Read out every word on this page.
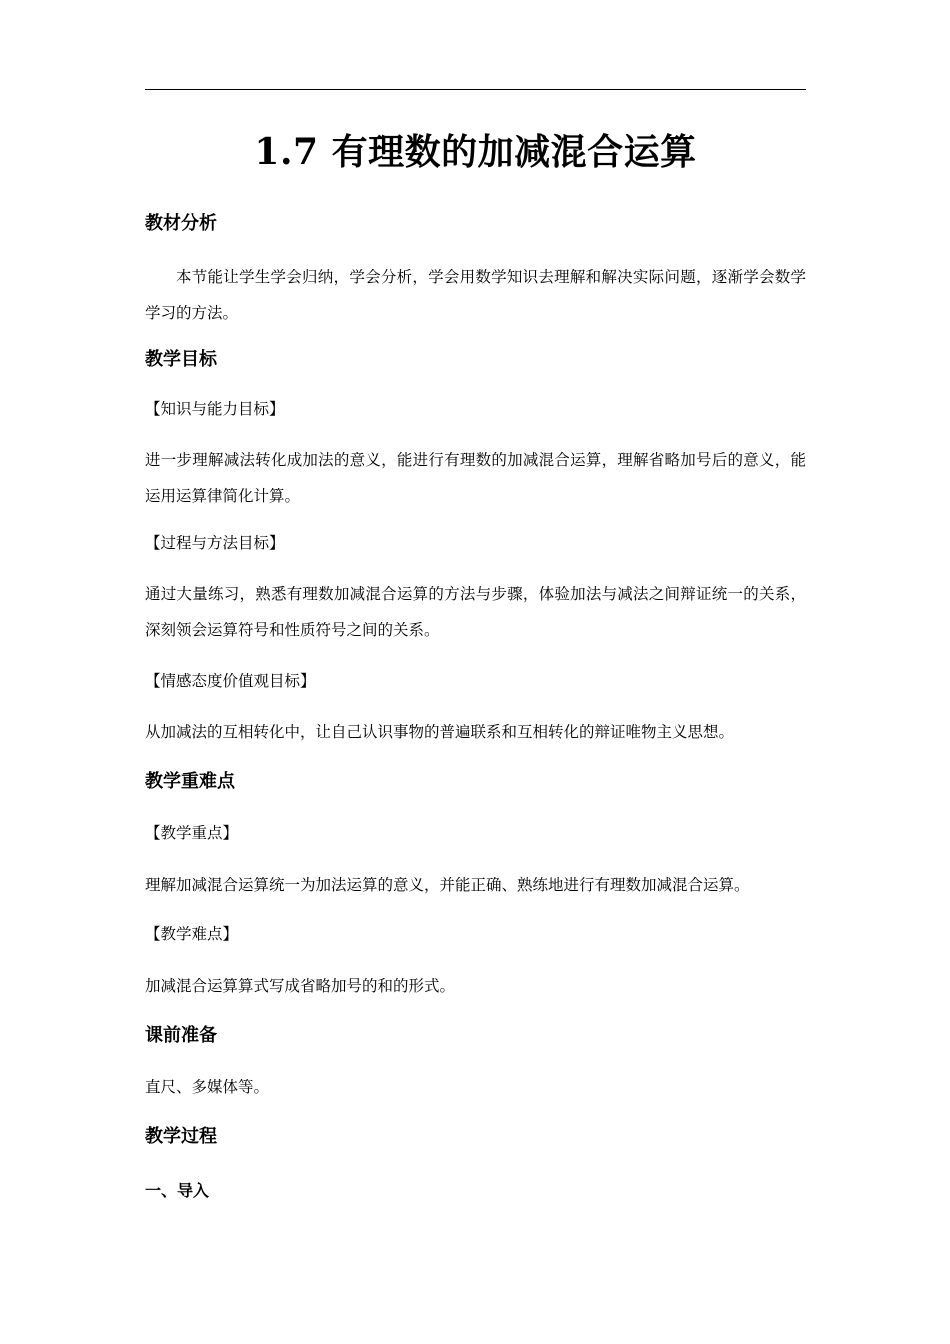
1.7 有理数的加减混合运算
教材分析
本节能让学生学会归纳，学会分析，学会用数学知识去理解和解决实际问题，逐渐学会数学学习的方法。
教学目标
【知识与能力目标】
进一步理解减法转化成加法的意义，能进行有理数的加减混合运算，理解省略加号后的意义，能运用运算律简化计算。
【过程与方法目标】
通过大量练习，熟悉有理数加减混合运算的方法与步骤，体验加法与减法之间辩证统一的关系，深刻领会运算符号和性质符号之间的关系。
【情感态度价值观目标】
从加减法的互相转化中，让自己认识事物的普遍联系和互相转化的辩证唯物主义思想。
教学重难点
【教学重点】
理解加减混合运算统一为加法运算的意义，并能正确、熟练地进行有理数加减混合运算。
【教学难点】
加减混合运算算式写成省略加号的和的形式。
课前准备
直尺、多媒体等。
教学过程
一、导入
